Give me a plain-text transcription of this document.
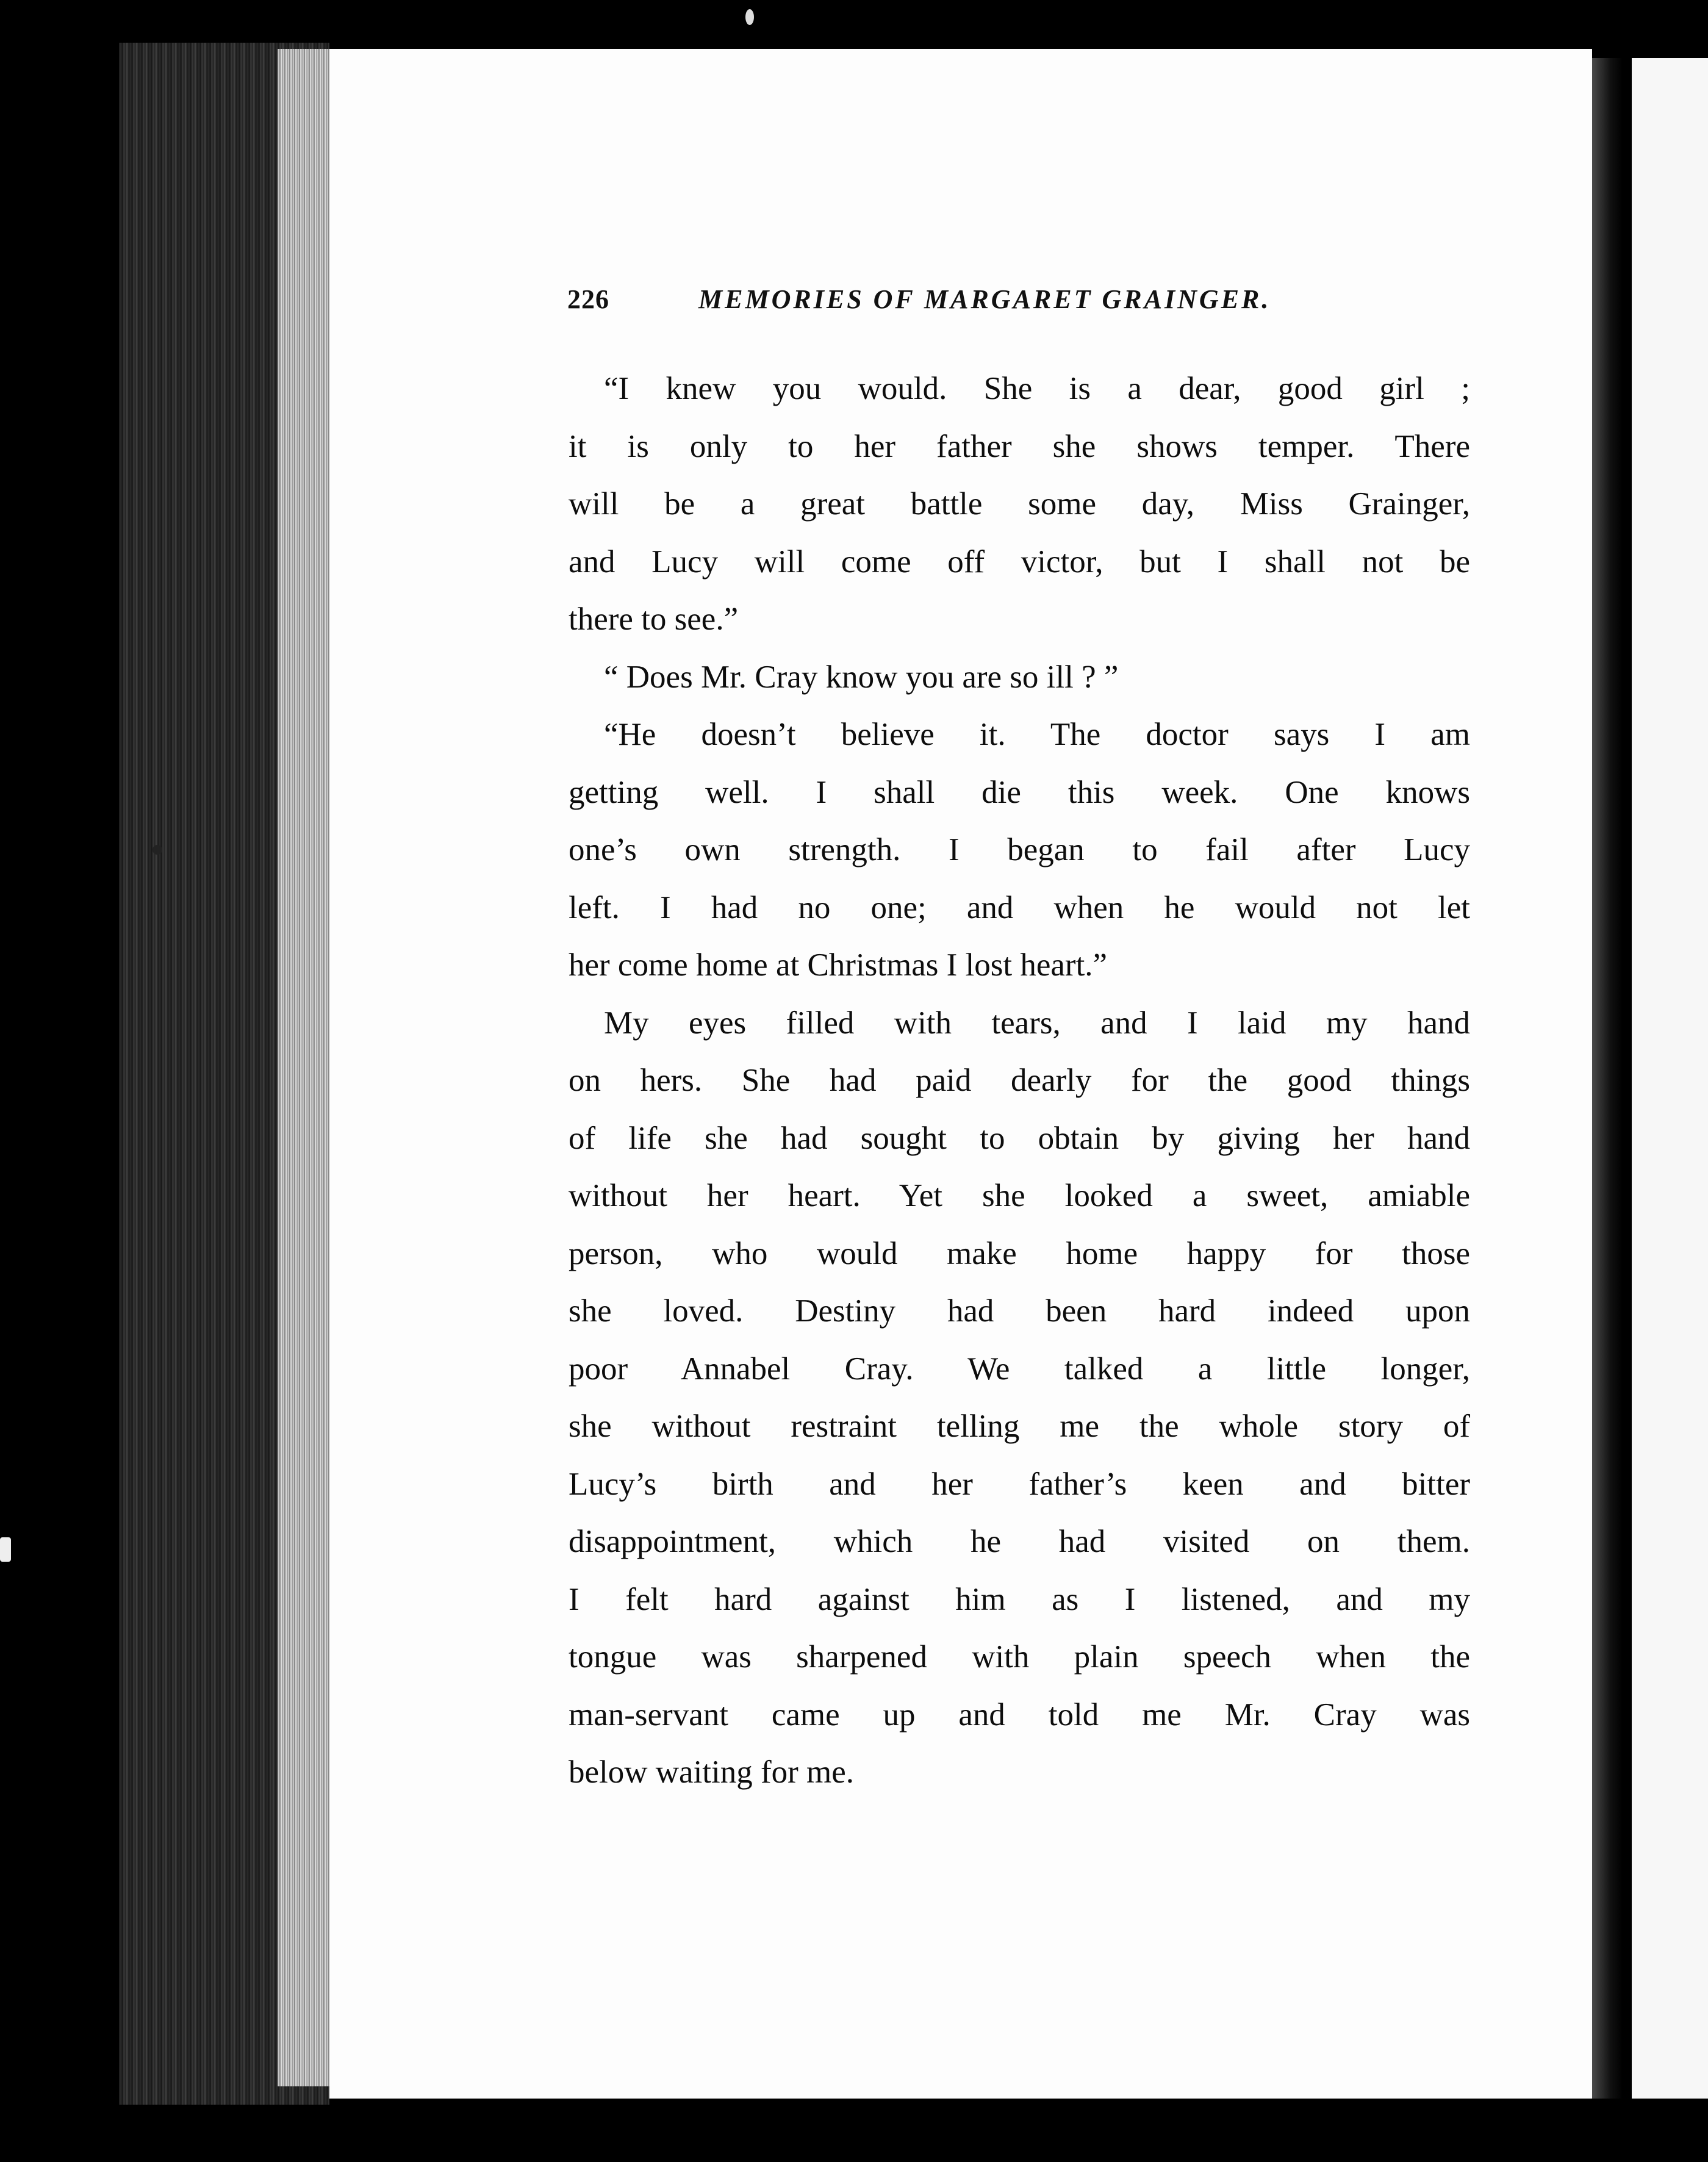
226	MEMORIES OF MARGARET GRAINGER.
“I knew you would. She is a dear, good girl ;
it is only to her father she shows temper. There
will be a great battle some day, Miss Grainger,
and Lucy will come off victor, but I shall not be
there to see.”
“ Does Mr. Cray know you are so ill ? ”
“He doesn’t believe it. The doctor says I am
getting well. I shall die this week. One knows
one’s own strength. I began to fail after Lucy
left. I had no one; and when he would not let
her come home at Christmas I lost heart.”
My eyes filled with tears, and I laid my hand
on hers. She had paid dearly for the good things
of life she had sought to obtain by giving her hand
without her heart. Yet she looked a sweet, amiable
person, who would make home happy for those
she loved. Destiny had been hard indeed upon
poor Annabel Cray. We talked a little longer,
she without restraint telling me the whole story of
Lucy’s birth and her father’s keen and bitter
disappointment, which he had visited on them.
I felt hard against him as I listened, and my
tongue was sharpened with plain speech when the
man-servant came up and told me Mr. Cray was
below waiting for me.
